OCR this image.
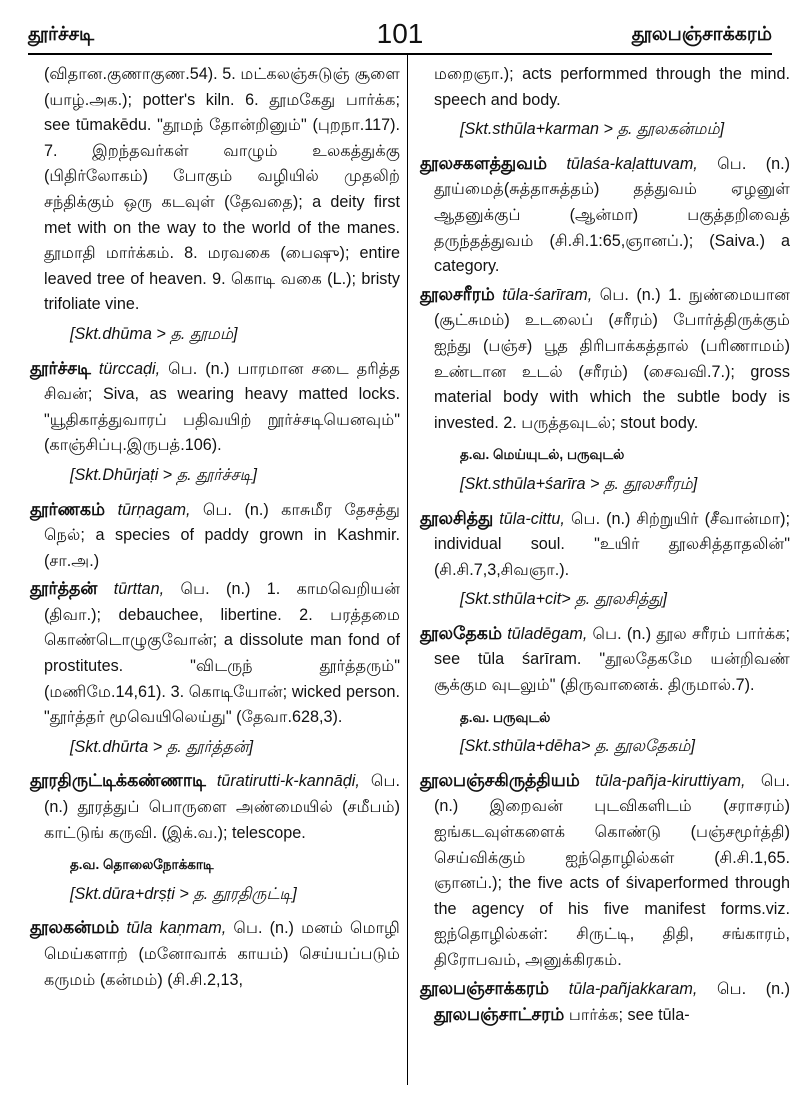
தூர்ச்சடி	101	தூலபஞ்சாக்கரம்
(விதான.குணாகுண.54). 5. மட்கலஞ்சுடுஞ் சூளை (யாழ்.அக.); potter's kiln. 6. தூமகேது பார்க்க; see tūmakēdu. "தூமந் தோன்றினும்" (புறநா.117). 7. இறந்தவர்கள் வாழும் உலகத்துக்கு (பிதிர்லோகம்) போகும் வழியில் முதலிற் சந்திக்கும் ஒரு கடவுள் (தேவதை); a deity first met with on the way to the world of the manes. தூமாதி மார்க்கம். 8. மரவகை (பைஷு); entire leaved tree of heaven. 9. கொடி வகை (L.); bristy trifoliate vine.
[Skt.dhūma > த. தூமம்]
தூர்ச்சடி türccaḍi, பெ. (n.) பாரமான சடை தரித்த சிவன்; Siva, as wearing heavy matted locks. "யூதிகாத்துவாரப் பதிவயிற் றூர்ச்சடியெனவும்" (காஞ்சிப்பு.இருபத்.106).
[Skt.Dhūrjaṭi > த. தூர்ச்சடி]
தூர்ணகம் tūrṇagam, பெ. (n.) காசுமீர தேசத்து நெல்; a species of paddy grown in Kashmir.(சா.அ.)
தூர்த்தன் tūrttan, பெ. (n.) 1. காமவெறியன் (திவா.); debauchee, libertine. 2. பரத்தமை கொண்டொழுகுவோன்; a dissolute man fond of prostitutes. "விடருந் தூர்த்தரும்" (மணிமே.14,61). 3. கொடியோன்; wicked person. "தூர்த்தர் மூவெயிலெய்து" (தேவா.628,3).
[Skt.dhūrta > த. தூர்த்தன்]
தூரதிருட்டிக்கண்ணாடி tūratirutti-k-kannāḍi, பெ. (n.) தூரத்துப் பொருளை அண்மையில் (சமீபம்) காட்டுங் கருவி. (இக்.வ.); telescope.
த.வ. தொலைநோக்காடி
[Skt.dūra+drṣṭi > த. தூரதிருட்டி]
தூலகன்மம் tūla kaṇmam, பெ. (n.) மனம் மொழி மெய்களாற் (மனோவாக் காயம்) செய்யப்படும் கருமம் (கன்மம்) (சி.சி.2,13,
மறைஞா.); acts performmed through the mind. speech and body.
[Skt.sthūla+karman > த. தூலகன்மம்]
தூலசகளத்துவம் tūlaśa-kaḷattuvam, பெ. (n.) தூய்மைத்(சுத்தாசுத்தம்) தத்துவம் ஏழனுள் ஆதனுக்குப் (ஆன்மா) பகுத்தறிவைத் தருந்தத்துவம் (சி.சி.1:65,ஞானப்.); (Saiva.) a category.
தூலசரீரம் tūla-śarīram, பெ. (n.) 1. நுண்மையான (சூட்சுமம்) உடலைப் (சரீரம்) போர்த்திருக்கும் ஐந்து (பஞ்ச) பூத திரிபாக்கத்தால் (பரிணாமம்) உண்டான உடல் (சரீரம்) (சைவவி.7.); gross material body with which the subtle body is invested. 2. பருத்தவுடல்; stout body.
த.வ. மெய்யுடல், பருவுடல்
[Skt.sthūla+śarīra > த. தூலசரீரம்]
தூலசித்து tūla-cittu, பெ. (n.) சிற்றுயிர் (சீவான்மா); individual soul. "உயிர் தூலசித்தாதலின்" (சி.சி.7,3,சிவஞா.).
[Skt.sthūla+cit> த. தூலசித்து]
தூலதேகம் tūladēgam, பெ. (n.) தூல சரீரம் பார்க்க; see tūla śarīram. "தூலதேகமே யன்றிவண் சூக்கும வுடலும்" (திருவானைக். திருமால்.7).
த.வ. பருவுடல்
[Skt.sthūla+dēha> த. தூலதேகம்]
தூலபஞ்சகிருத்தியம் tūla-pañja-kiruttiyam, பெ. (n.) இறைவன் புடவிகளிடம் (சராசரம்) ஐங்கடவுள்களைக் கொண்டு (பஞ்சமூர்த்தி) செய்விக்கும் ஐந்தொழில்கள் (சி.சி.1,65. ஞானப்.); the five acts of śivaperformed through the agency of his five manifest forms.viz. ஐந்தொழில்கள்: சிருட்டி, திதி, சங்காரம், திரோபவம், அனுக்கிரகம்.
தூலபஞ்சாக்கரம் tūla-pañjakkaram, பெ. (n.) தூலபஞ்சாட்சரம் பார்க்க; see tūla-
